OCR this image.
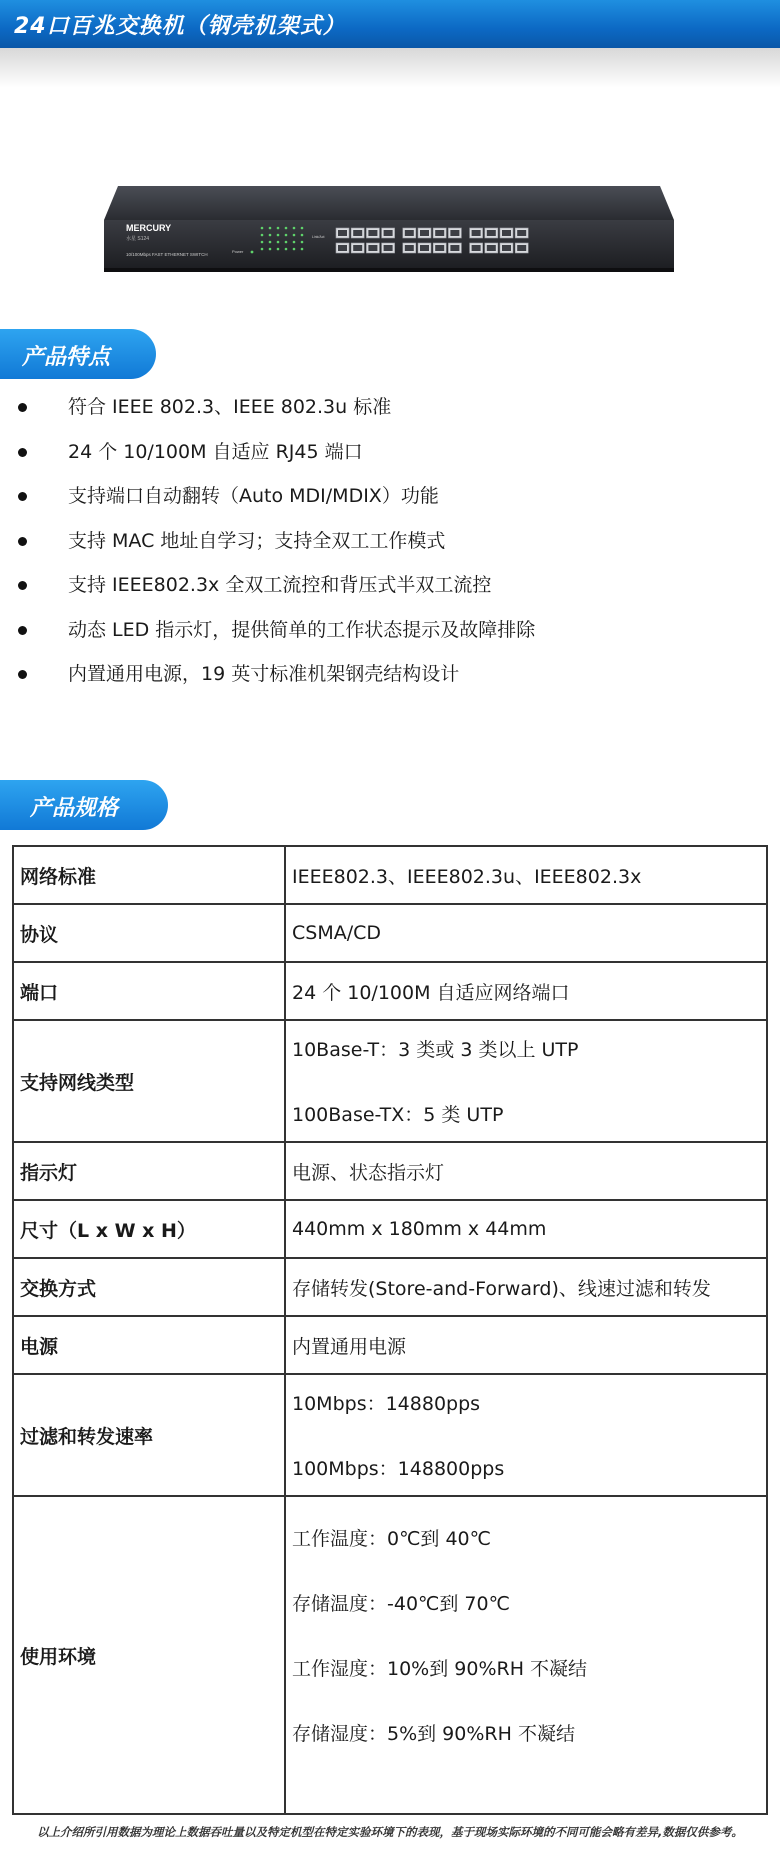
24口百兆交换机（钢壳机架式）
MERCURY
水星 S124
10/100Mbps FAST ETHERNET SWITCH
Power
Link/Act
产品特点
符合 IEEE 802.3、IEEE 802.3u 标准
24 个 10/100M 自适应 RJ45 端口
支持端口自动翻转（Auto MDI/MDIX）功能
支持 MAC 地址自学习；支持全双工工作模式
支持 IEEE802.3x 全双工流控和背压式半双工流控
动态 LED 指示灯，提供简单的工作状态提示及故障排除
内置通用电源，19 英寸标准机架钢壳结构设计
产品规格
网络标准	IEEE802.3、IEEE802.3u、IEEE802.3x

协议	CSMA/CD

端口	24 个 10/100M 自适应网络端口

支持网线类型	10Base-T：3 类或 3 类以上 UTP
100Base-TX：5 类 UTP

指示灯	电源、状态指示灯

尺寸（L x W x H）	440mm x 180mm x 44mm

交换方式	存储转发(Store-and-Forward)、线速过滤和转发

电源	内置通用电源

过滤和转发速率	10Mbps：14880pps
100Mbps：148800pps

使用环境	工作温度：0℃到 40℃
存储温度：-40℃到 70℃
工作湿度：10%到 90%RH 不凝结
存储湿度：5%到 90%RH 不凝结
以上介绍所引用数据为理论上数据吞吐量以及特定机型在特定实验环境下的表现，基于现场实际环境的不同可能会略有差异,数据仅供参考。
